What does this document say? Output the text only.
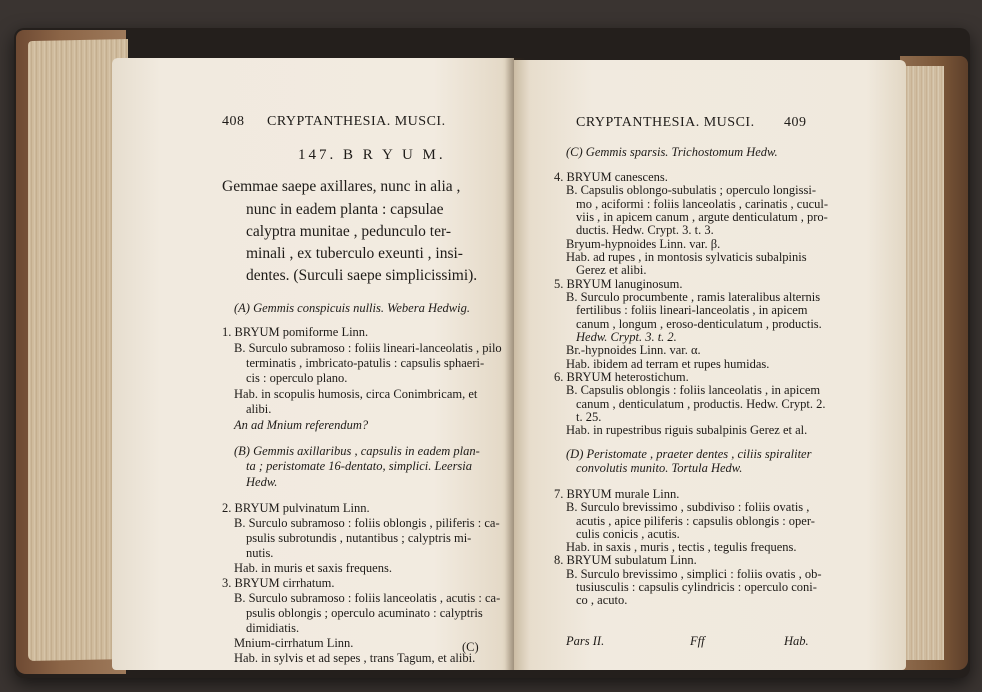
408 CRYPTANTHESIA. MUSCI.
147. B R Y U M.
Gemmae saepe axillares, nunc in alia ,
nunc in eadem planta : capsulae
calyptra munitae , pedunculo ter-
minali , ex tuberculo exeunti , insi-
dentes. (Surculi saepe simplicissimi).
(A) Gemmis conspicuis nullis. Webera Hedwig.
1. BRYUM pomiforme Linn.
B. Surculo subramoso : foliis lineari-lanceolatis , pilo
terminatis , imbricato-patulis : capsulis sphaeri-
cis : operculo plano.
Hab. in scopulis humosis, circa Conimbricam, et
alibi.
An ad Mnium referendum?
(B) Gemmis axillaribus , capsulis in eadem plan-
ta ; peristomate 16-dentato, simplici. Leersia
Hedw.
2. BRYUM pulvinatum Linn.
B. Surculo subramoso : foliis oblongis , piliferis : ca-
psulis subrotundis , nutantibus ; calyptris mi-
nutis.
Hab. in muris et saxis frequens.
3. BRYUM cirrhatum.
B. Surculo subramoso : foliis lanceolatis , acutis : ca-
psulis oblongis ; operculo acuminato : calyptris
dimidiatis.
Mnium-cirrhatum Linn.
Hab. in sylvis et ad sepes , trans Tagum, et alibi.
(C)
CRYPTANTHESIA. MUSCI. 409
(C) Gemmis sparsis. Trichostomum Hedw.
4. BRYUM canescens.
B. Capsulis oblongo-subulatis ; operculo longissi-
mo , aciformi : foliis lanceolatis , carinatis , cucul-
viis , in apicem canum , argute denticulatum , pro-
ductis. Hedw. Crypt. 3. t. 3.
Bryum-hypnoides Linn. var. β.
Hab. ad rupes , in montosis sylvaticis subalpinis
Gerez et alibi.
5. BRYUM lanuginosum.
B. Surculo procumbente , ramis lateralibus alternis
fertilibus : foliis lineari-lanceolatis , in apicem
canum , longum , eroso-denticulatum , productis.
Hedw. Crypt. 3. t. 2.
Br.-hypnoides Linn. var. α.
Hab. ibidem ad terram et rupes humidas.
6. BRYUM heterostichum.
B. Capsulis oblongis : foliis lanceolatis , in apicem
canum , denticulatum , productis. Hedw. Crypt. 2.
t. 25.
Hab. in rupestribus riguis subalpinis Gerez et al.
(D) Peristomate , praeter dentes , ciliis spiraliter
convolutis munito. Tortula Hedw.
7. BRYUM murale Linn.
B. Surculo brevissimo , subdiviso : foliis ovatis ,
acutis , apice piliferis : capsulis oblongis : oper-
culis conicis , acutis.
Hab. in saxis , muris , tectis , tegulis frequens.
8. BRYUM subulatum Linn.
B. Surculo brevissimo , simplici : foliis ovatis , ob-
tusiusculis : capsulis cylindricis : operculo coni-
co , acuto.
Pars II.	Fff	Hab.
